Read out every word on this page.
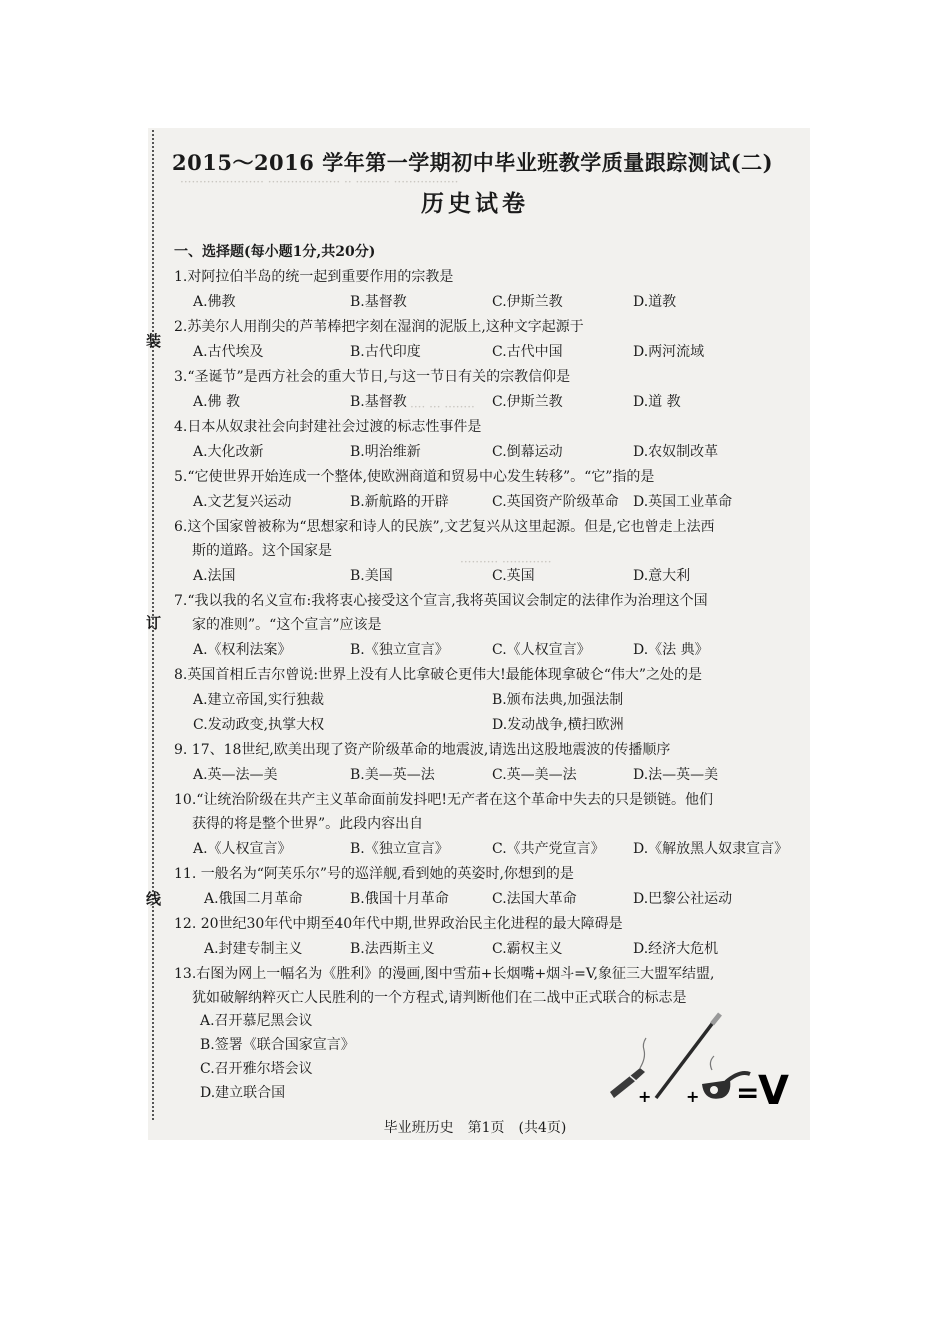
······················ ··················· ·· ········· ·················
···· ··· ········
·········· ·············
装
订
线
2015～2016 学年第一学期初中毕业班教学质量跟踪测试(二)
历史试卷
一、选择题(每小题1分,共20分)
1.对阿拉伯半岛的统一起到重要作用的宗教是
A.佛教	B.基督教	C.伊斯兰教	D.道教
2.苏美尔人用削尖的芦苇棒把字刻在湿润的泥版上,这种文字起源于
A.古代埃及	B.古代印度	C.古代中国	D.两河流域
3.“圣诞节”是西方社会的重大节日,与这一节日有关的宗教信仰是
A.佛 教	B.基督教	C.伊斯兰教	D.道 教
4.日本从奴隶社会向封建社会过渡的标志性事件是
A.大化改新	B.明治维新	C.倒幕运动	D.农奴制改革
5.“它使世界开始连成一个整体,使欧洲商道和贸易中心发生转移”。“它”指的是
A.文艺复兴运动	B.新航路的开辟	C.英国资产阶级革命 D.英国工业革命
6.这个国家曾被称为“思想家和诗人的民族”,文艺复兴从这里起源。但是,它也曾走上法西
斯的道路。这个国家是
A.法国	B.美国	C.英国	D.意大利
7.“我以我的名义宣布:我将衷心接受这个宣言,我将英国议会制定的法律作为治理这个国
家的准则”。“这个宣言”应该是
A.《权利法案》	B.《独立宣言》	C.《人权宣言》	D.《法 典》
8.英国首相丘吉尔曾说:世界上没有人比拿破仑更伟大!最能体现拿破仑“伟大”之处的是
A.建立帝国,实行独裁	B.颁布法典,加强法制
C.发动政变,执掌大权	D.发动战争,横扫欧洲
9. 17、18世纪,欧美出现了资产阶级革命的地震波,请选出这股地震波的传播顺序
A.英—法—美	B.美—英—法	C.英—美—法	D.法—英—美
10.“让统治阶级在共产主义革命面前发抖吧!无产者在这个革命中失去的只是锁链。他们
获得的将是整个世界”。此段内容出自
A.《人权宣言》	B.《独立宣言》	C.《共产党宣言》 D.《解放黑人奴隶宣言》
11. 一般名为“阿芙乐尔”号的巡洋舰,看到她的英姿时,你想到的是
A.俄国二月革命	B.俄国十月革命	C.法国大革命	D.巴黎公社运动
12. 20世纪30年代中期至40年代中期,世界政治民主化进程的最大障碍是
A.封建专制主义	B.法西斯主义	C.霸权主义	D.经济大危机
13.右图为网上一幅名为《胜利》的漫画,图中雪茄+长烟嘴+烟斗=V,象征三大盟军结盟,
犹如破解纳粹灭亡人民胜利的一个方程式,请判断他们在二战中正式联合的标志是
A.召开慕尼黑会议
B.签署《联合国家宣言》
C.召开雅尔塔会议
D.建立联合国	+ + =
V
毕业班历史　第1页　(共4页)
